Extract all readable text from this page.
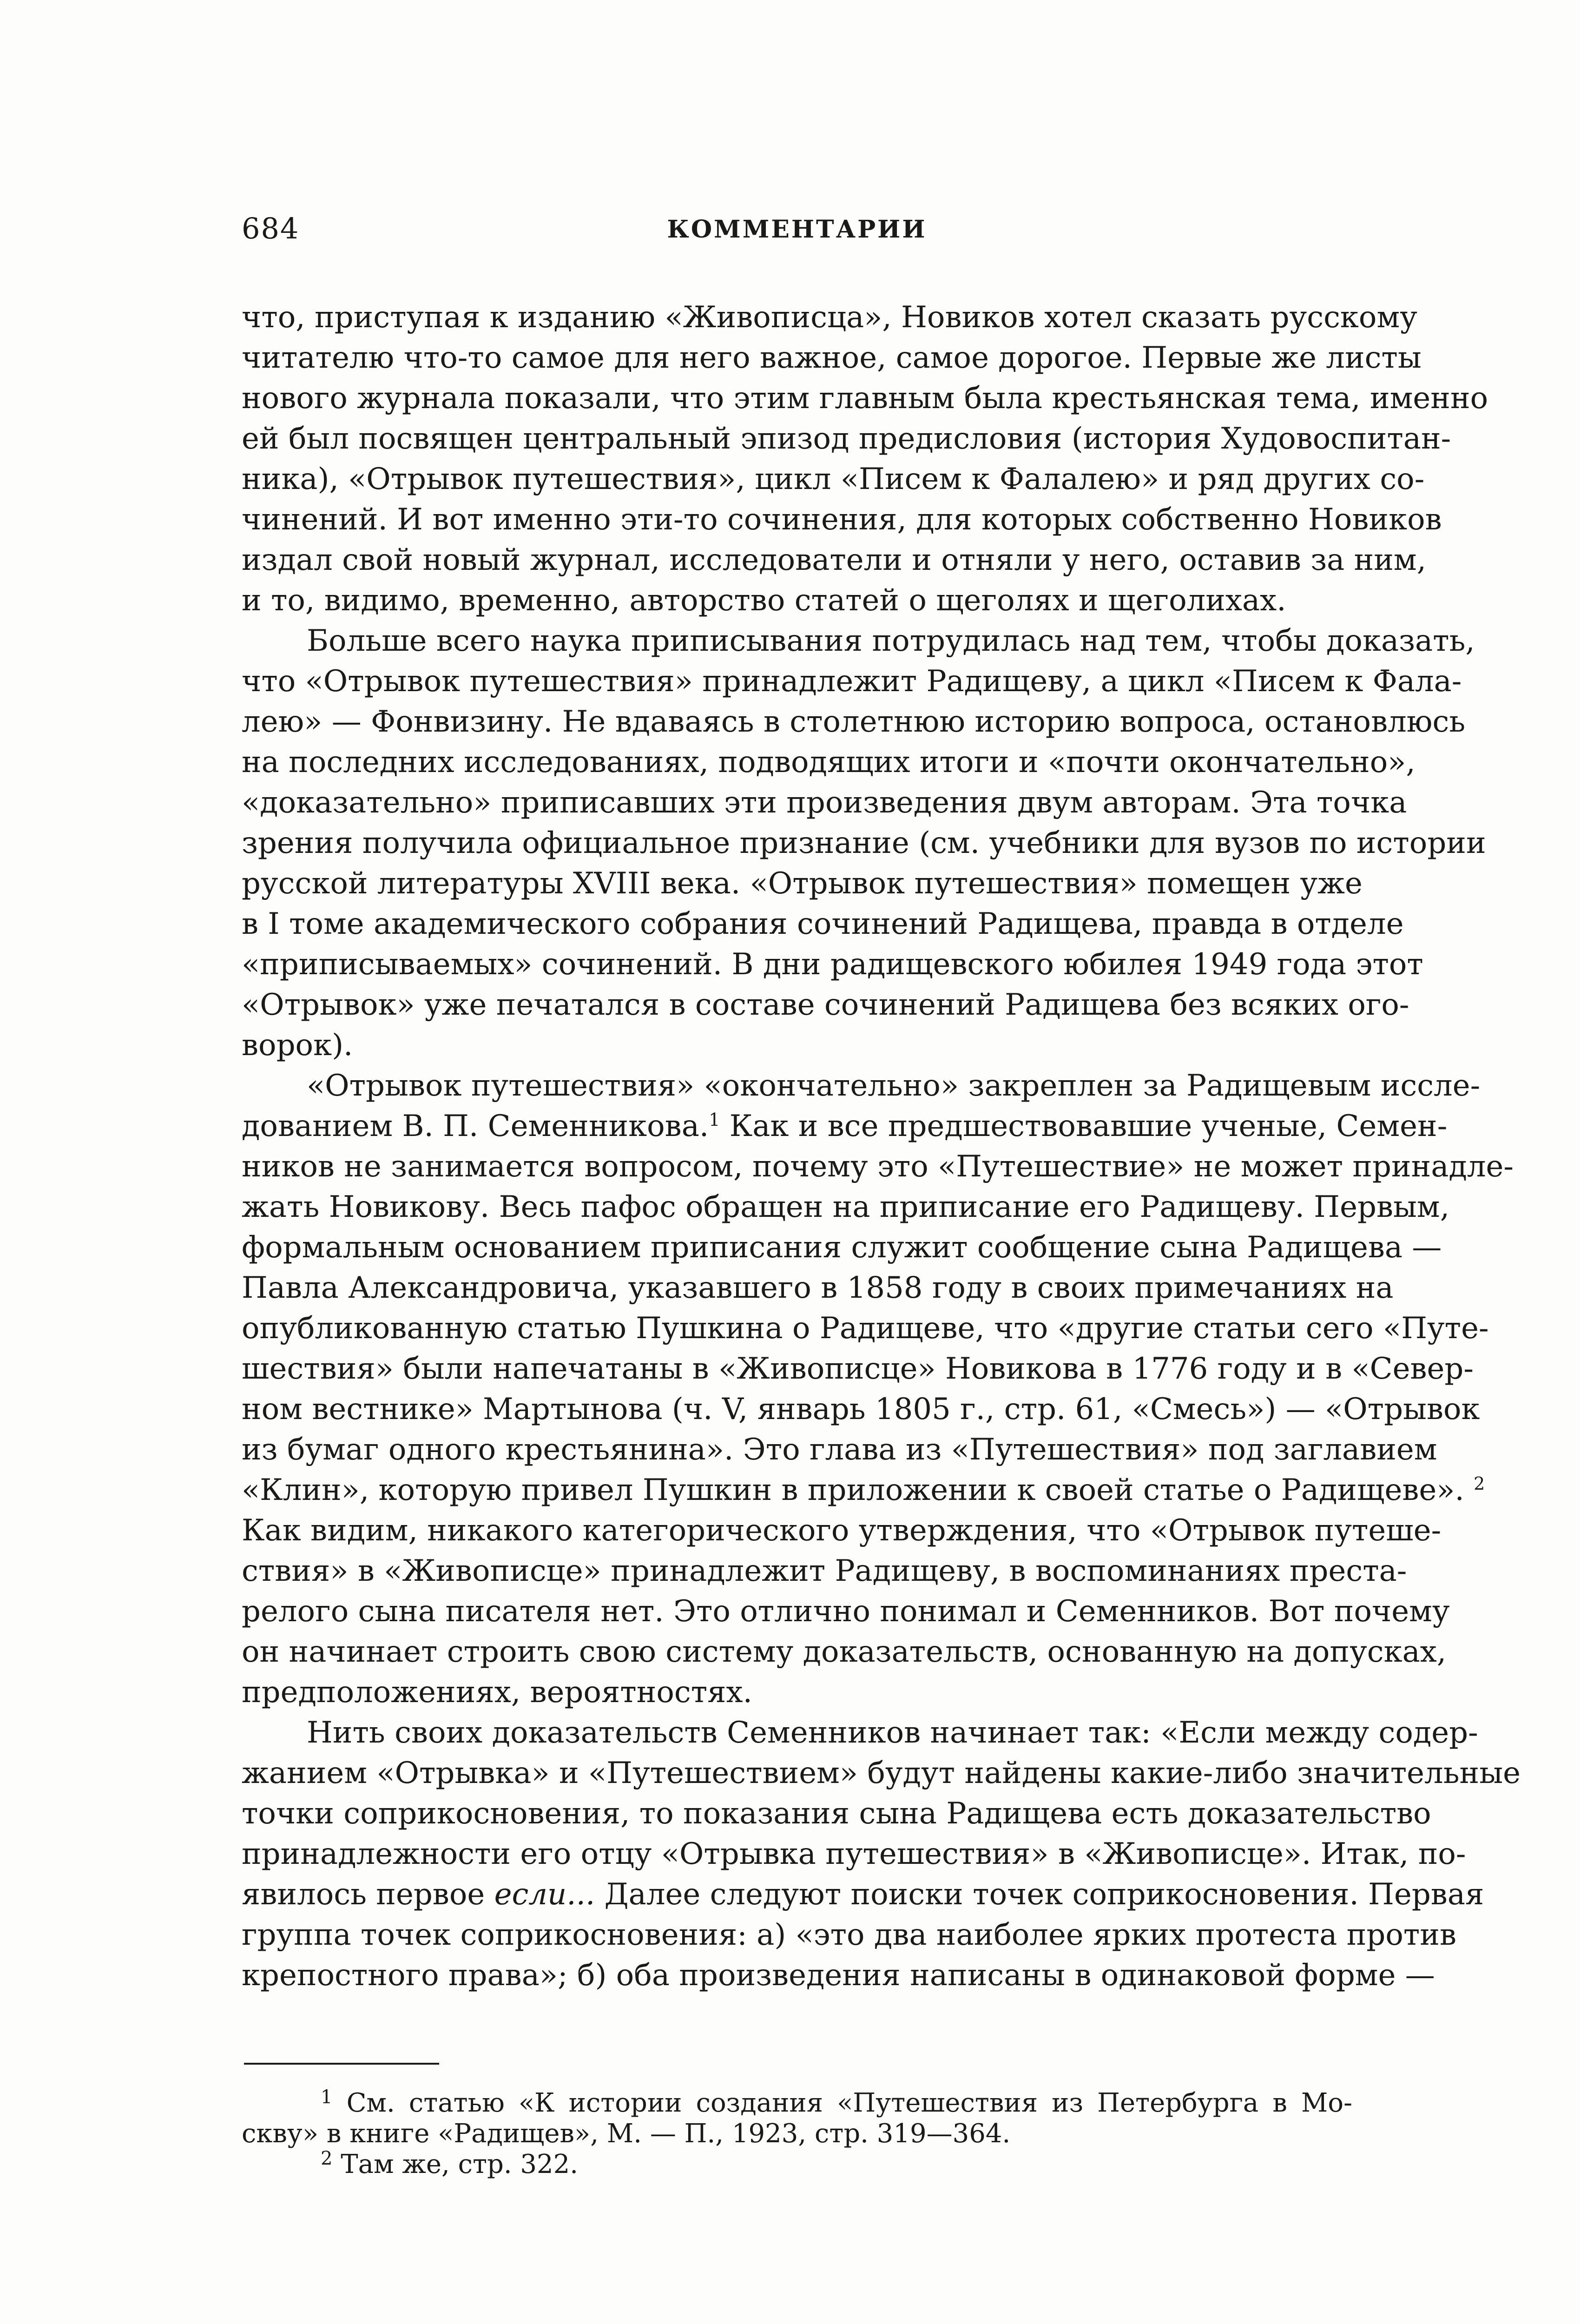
684	КОММЕНТАРИИ

что, приступая к изданию «Живописца», Новиков хотел сказать русскому
читателю что-то самое для него важное, самое дорогое. Первые же листы
нового журнала показали, что этим главным была крестьянская тема, именно
ей был посвящен центральный эпизод предисловия (история Худовоспитан-
ника), «Отрывок путешествия», цикл «Писем к Фалалею» и ряд других со-
чинений. И вот именно эти-то сочинения, для которых собственно Новиков
издал свой новый журнал, исследователи и отняли у него, оставив за ним,
и то, видимо, временно, авторство статей о щеголях и щеголихах.

Больше всего наука приписывания потрудилась над тем, чтобы доказать,
что «Отрывок путешествия» принадлежит Радищеву, а цикл «Писем к Фала-
лею» — Фонвизину. Не вдаваясь в столетнюю историю вопроса, остановлюсь
на последних исследованиях, подводящих итоги и «почти окончательно»,
«доказательно» приписавших эти произведения двум авторам. Эта точка
зрения получила официальное признание (см. учебники для вузов по истории
русской литературы XVIII века. «Отрывок путешествия» помещен уже
в I томе академического собрания сочинений Радищева, правда в отделе
«приписываемых» сочинений. В дни радищевского юбилея 1949 года этот
«Отрывок» уже печатался в составе сочинений Радищева без всяких ого-
ворок).

«Отрывок путешествия» «окончательно» закреплен за Радищевым иссле-
дованием В. П. Семенникова.$^1$ Как и все предшествовавшие ученые, Семен-
ников не занимается вопросом, почему это «Путешествие» не может принадле-
жать Новикову. Весь пафос обращен на приписание его Радищеву. Первым,
формальным основанием приписания служит сообщение сына Радищева —
Павла Александровича, указавшего в 1858 году в своих примечаниях на
опубликованную статью Пушкина о Радищеве, что «другие статьи сего «Путе-
шествия» были напечатаны в «Живописце» Новикова в 1776 году и в «Север-
ном вестнике» Мартынова (ч. V, январь 1805 г., стр. 61, «Смесь») — «Отрывок
из бумаг одного крестьянина». Это глава из «Путешествия» под заглавием
«Клин», которую привел Пушкин в приложении к своей статье о Радищеве». $^2$
Как видим, никакого категорического утверждения, что «Отрывок путеше-
ствия» в «Живописце» принадлежит Радищеву, в воспоминаниях преста-
релого сына писателя нет. Это отлично понимал и Семенников. Вот почему
он начинает строить свою систему доказательств, основанную на допусках,
предположениях, вероятностях.

Нить своих доказательств Семенников начинает так: «Если между содер-
жанием «Отрывка» и «Путешествием» будут найдены какие-либо значительные
точки соприкосновения, то показания сына Радищева есть доказательство
принадлежности его отцу «Отрывка путешествия» в «Живописце». Итак, по-
явилось первое если... Далее следуют поиски точек соприкосновения. Первая
группа точек соприкосновения: а) «это два наиболее ярких протеста против
крепостного права»; б) оба произведения написаны в одинаковой форме —

$^1$ См. статью «К истории создания «Путешествия из Петербурга в Мо-
скву» в книге «Радищев», М. — П., 1923, стр. 319—364.
$^2$ Там же, стр. 322.
